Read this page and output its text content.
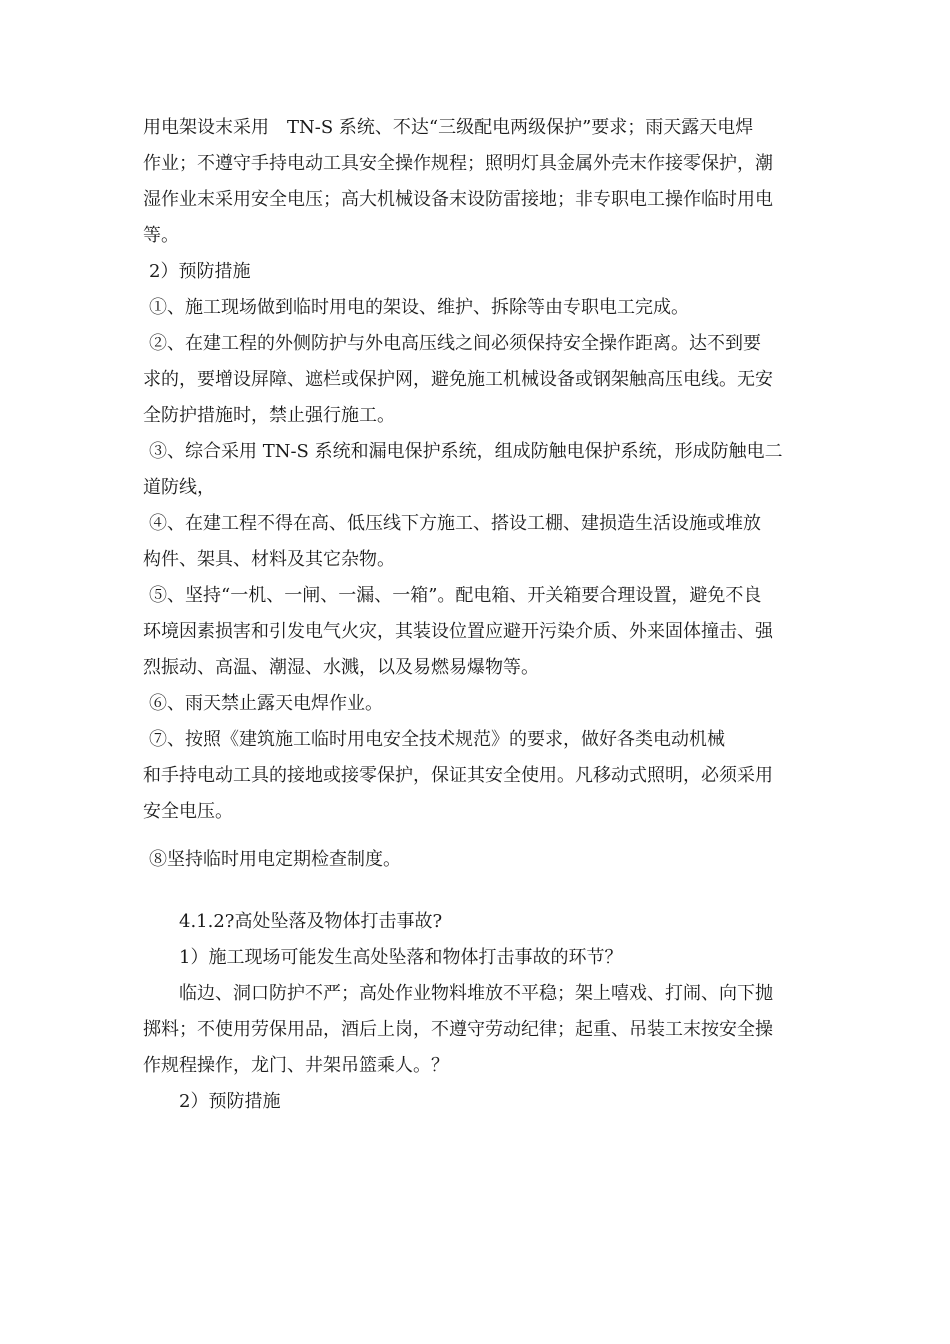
用电架设末采用　TN-S 系统、不达“三级配电两级保护”要求；雨天露天电焊
作业；不遵守手持电动工具安全操作规程；照明灯具金属外壳末作接零保护，潮
湿作业末采用安全电压；高大机械设备末设防雷接地；非专职电工操作临时用电
等。
2）预防措施
①、施工现场做到临时用电的架设、维护、拆除等由专职电工完成。
②、在建工程的外侧防护与外电高压线之间必须保持安全操作距离。达不到要
求的，要增设屏障、遮栏或保护网，避免施工机械设备或钢架触高压电线。无安
全防护措施时，禁止强行施工。
③、综合采用 TN-S 系统和漏电保护系统，组成防触电保护系统，形成防触电二
道防线，
④、在建工程不得在高、低压线下方施工、搭设工棚、建损造生活设施或堆放
构件、架具、材料及其它杂物。
⑤、坚持“一机、一闸、一漏、一箱”。配电箱、开关箱要合理设置，避免不良
环境因素损害和引发电气火灾，其装设位置应避开污染介质、外来固体撞击、强
烈振动、高温、潮湿、水溅，以及易燃易爆物等。
⑥、雨天禁止露天电焊作业。
⑦、按照《建筑施工临时用电安全技术规范》的要求，做好各类电动机械
和手持电动工具的接地或接零保护，保证其安全使用。凡移动式照明，必须采用
安全电压。
⑧坚持临时用电定期检查制度。
4.1.2?高处坠落及物体打击事故?
1）施工现场可能发生高处坠落和物体打击事故的环节？
临边、洞口防护不严；高处作业物料堆放不平稳；架上嘻戏、打闹、向下抛
掷料；不使用劳保用品，酒后上岗，不遵守劳动纪律；起重、吊装工末按安全操
作规程操作，龙门、井架吊篮乘人。？
2）预防措施
